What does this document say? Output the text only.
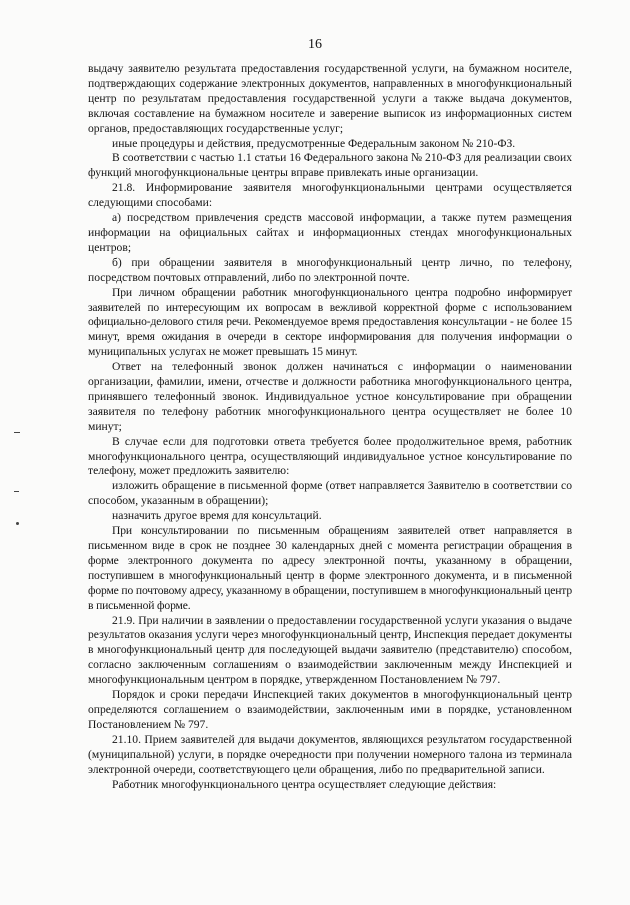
16

выдачу заявителю результата предоставления государственной услуги, на бумажном носителе, подтверждающих содержание электронных документов, направленных в многофункциональный центр по результатам предоставления государственной услуги а также выдача документов, включая составление на бумажном носителе и заверение выписок из информационных систем органов, предоставляющих государственные услуг;

иные процедуры и действия, предусмотренные Федеральным законом № 210-ФЗ.

В соответствии с частью 1.1 статьи 16 Федерального закона № 210-ФЗ для реализации своих функций многофункциональные центры вправе привлекать иные организации.

21.8. Информирование заявителя многофункциональными центрами осуществляется следующими способами:

а) посредством привлечения средств массовой информации, а также путем размещения информации на официальных сайтах и информационных стендах многофункциональных центров;

б) при обращении заявителя в многофункциональный центр лично, по телефону, посредством почтовых отправлений, либо по электронной почте.

При личном обращении работник многофункционального центра подробно информирует заявителей по интересующим их вопросам в вежливой корректной форме с использованием официально-делового стиля речи. Рекомендуемое время предоставления консультации - не более 15 минут, время ожидания в очереди в секторе информирования для получения информации о муниципальных услугах не может превышать 15 минут.

Ответ на телефонный звонок должен начинаться с информации о наименовании организации, фамилии, имени, отчестве и должности работника многофункционального центра, принявшего телефонный звонок. Индивидуальное устное консультирование при обращении заявителя по телефону работник многофункционального центра осуществляет не более 10 минут;

В случае если для подготовки ответа требуется более продолжительное время, работник многофункционального центра, осуществляющий индивидуальное устное консультирование по телефону, может предложить заявителю:

изложить обращение в письменной форме (ответ направляется Заявителю в соответствии со способом, указанным в обращении);

назначить другое время для консультаций.

При консультировании по письменным обращениям заявителей ответ направляется в письменном виде в срок не позднее 30 календарных дней с момента регистрации обращения в форме электронного документа по адресу электронной почты, указанному в обращении, поступившем в многофункциональный центр в форме электронного документа, и в письменной форме по почтовому адресу, указанному в обращении, поступившем в многофункциональный центр в письменной форме.

21.9. При наличии в заявлении о предоставлении государственной услуги указания о выдаче результатов оказания услуги через многофункциональный центр, Инспекция передает документы в многофункциональный центр для последующей выдачи заявителю (представителю) способом, согласно заключенным соглашениям о взаимодействии заключенным между Инспекцией и многофункциональным центром в порядке, утвержденном Постановлением № 797.

Порядок и сроки передачи Инспекцией таких документов в многофункциональный центр определяются соглашением о взаимодействии, заключенным ими в порядке, установленном Постановлением № 797.

21.10. Прием заявителей для выдачи документов, являющихся результатом государственной (муниципальной) услуги, в порядке очередности при получении номерного талона из терминала электронной очереди, соответствующего цели обращения, либо по предварительной записи.

Работник многофункционального центра осуществляет следующие действия:
